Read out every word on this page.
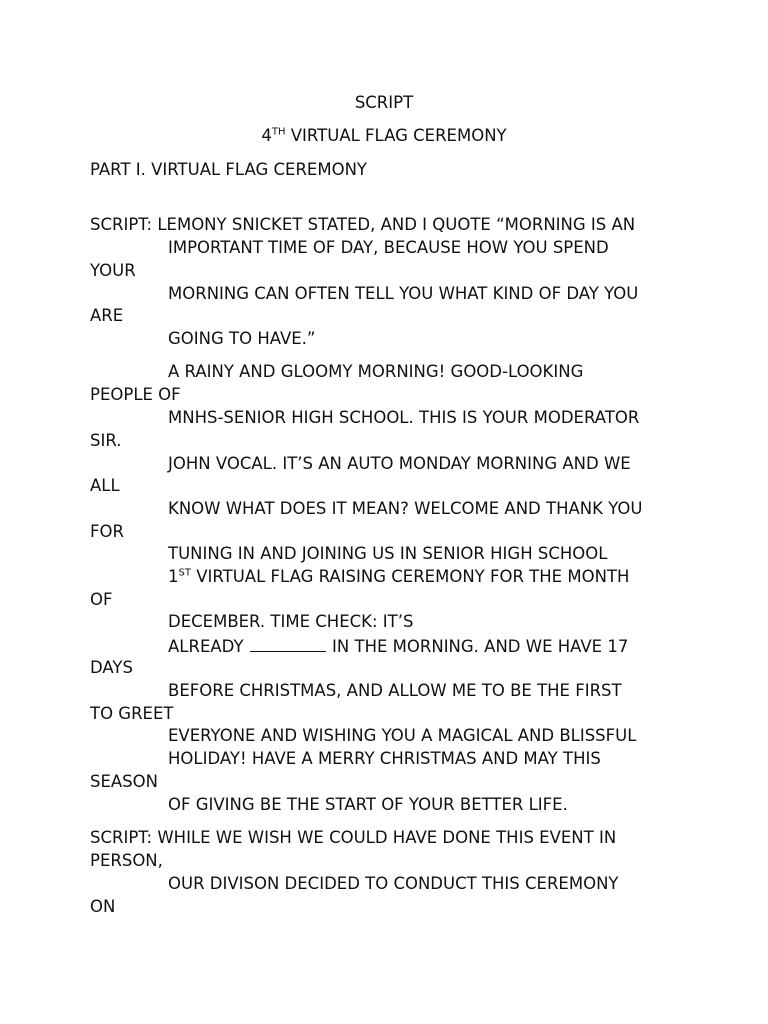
SCRIPT
4TH VIRTUAL FLAG CEREMONY
PART I. VIRTUAL FLAG CEREMONY
SCRIPT: LEMONY SNICKET STATED, AND I QUOTE “MORNING IS AN
IMPORTANT TIME OF DAY, BECAUSE HOW YOU SPEND
YOUR
MORNING CAN OFTEN TELL YOU WHAT KIND OF DAY YOU
ARE
GOING TO HAVE.”
A RAINY AND GLOOMY MORNING! GOOD-LOOKING
PEOPLE OF
MNHS-SENIOR HIGH SCHOOL. THIS IS YOUR MODERATOR
SIR.
JOHN VOCAL. IT’S AN AUTO MONDAY MORNING AND WE
ALL
KNOW WHAT DOES IT MEAN? WELCOME AND THANK YOU
FOR
TUNING IN AND JOINING US IN SENIOR HIGH SCHOOL
1ST VIRTUAL FLAG RAISING CEREMONY FOR THE MONTH
OF
DECEMBER. TIME CHECK: IT’S
ALREADY	IN THE MORNING. AND WE HAVE 17
DAYS
BEFORE CHRISTMAS, AND ALLOW ME TO BE THE FIRST
TO GREET
EVERYONE AND WISHING YOU A MAGICAL AND BLISSFUL
HOLIDAY! HAVE A MERRY CHRISTMAS AND MAY THIS
SEASON
OF GIVING BE THE START OF YOUR BETTER LIFE.
SCRIPT: WHILE WE WISH WE COULD HAVE DONE THIS EVENT IN
PERSON,
OUR DIVISON DECIDED TO CONDUCT THIS CEREMONY
ON
